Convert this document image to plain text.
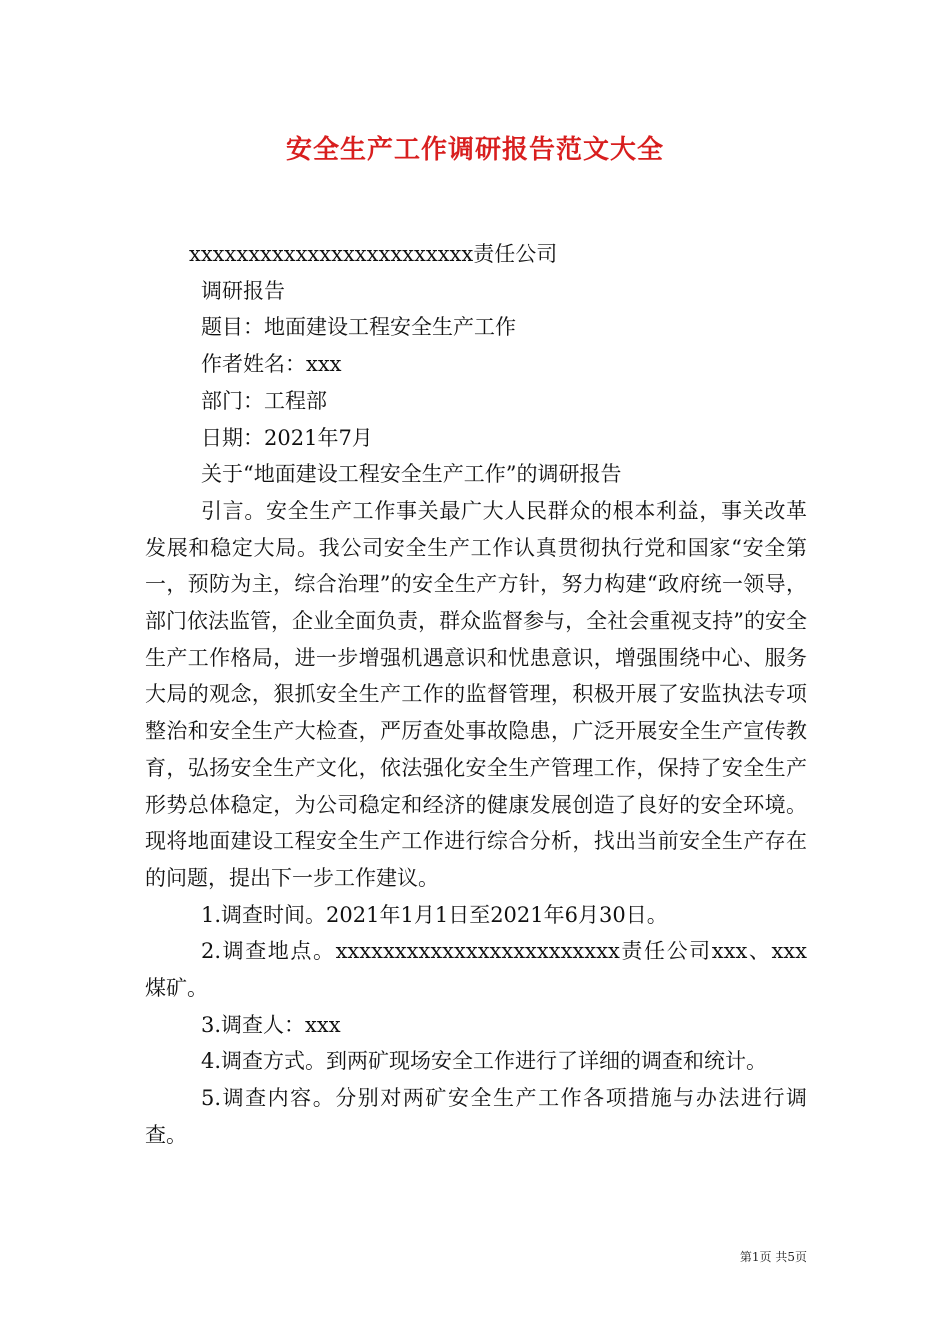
安全生产工作调研报告范文大全
xxxxxxxxxxxxxxxxxxxxxxxx责任公司
调研报告
题目：地面建设工程安全生产工作
作者姓名：xxx
部门：工程部
日期：2021年7月
关于“地面建设工程安全生产工作”的调研报告
引言。安全生产工作事关最广大人民群众的根本利益，事关改革发展和稳定大局。我公司安全生产工作认真贯彻执行党和国家“安全第一，预防为主，综合治理”的安全生产方针，努力构建“政府统一领导，部门依法监管，企业全面负责，群众监督参与，全社会重视支持”的安全生产工作格局，进一步增强机遇意识和忧患意识，增强围绕中心、服务大局的观念，狠抓安全生产工作的监督管理，积极开展了安监执法专项整治和安全生产大检查，严厉查处事故隐患，广泛开展安全生产宣传教育，弘扬安全生产文化，依法强化安全生产管理工作，保持了安全生产形势总体稳定，为公司稳定和经济的健康发展创造了良好的安全环境。现将地面建设工程安全生产工作进行综合分析，找出当前安全生产存在的问题，提出下一步工作建议。
1.调查时间。2021年1月1日至2021年6月30日。
2.调查地点。xxxxxxxxxxxxxxxxxxxxxxxx责任公司xxx、xxx煤矿。
3.调查人：xxx
4.调查方式。到两矿现场安全工作进行了详细的调查和统计。
5.调查内容。分别对两矿安全生产工作各项措施与办法进行调查。
第1页 共5页
